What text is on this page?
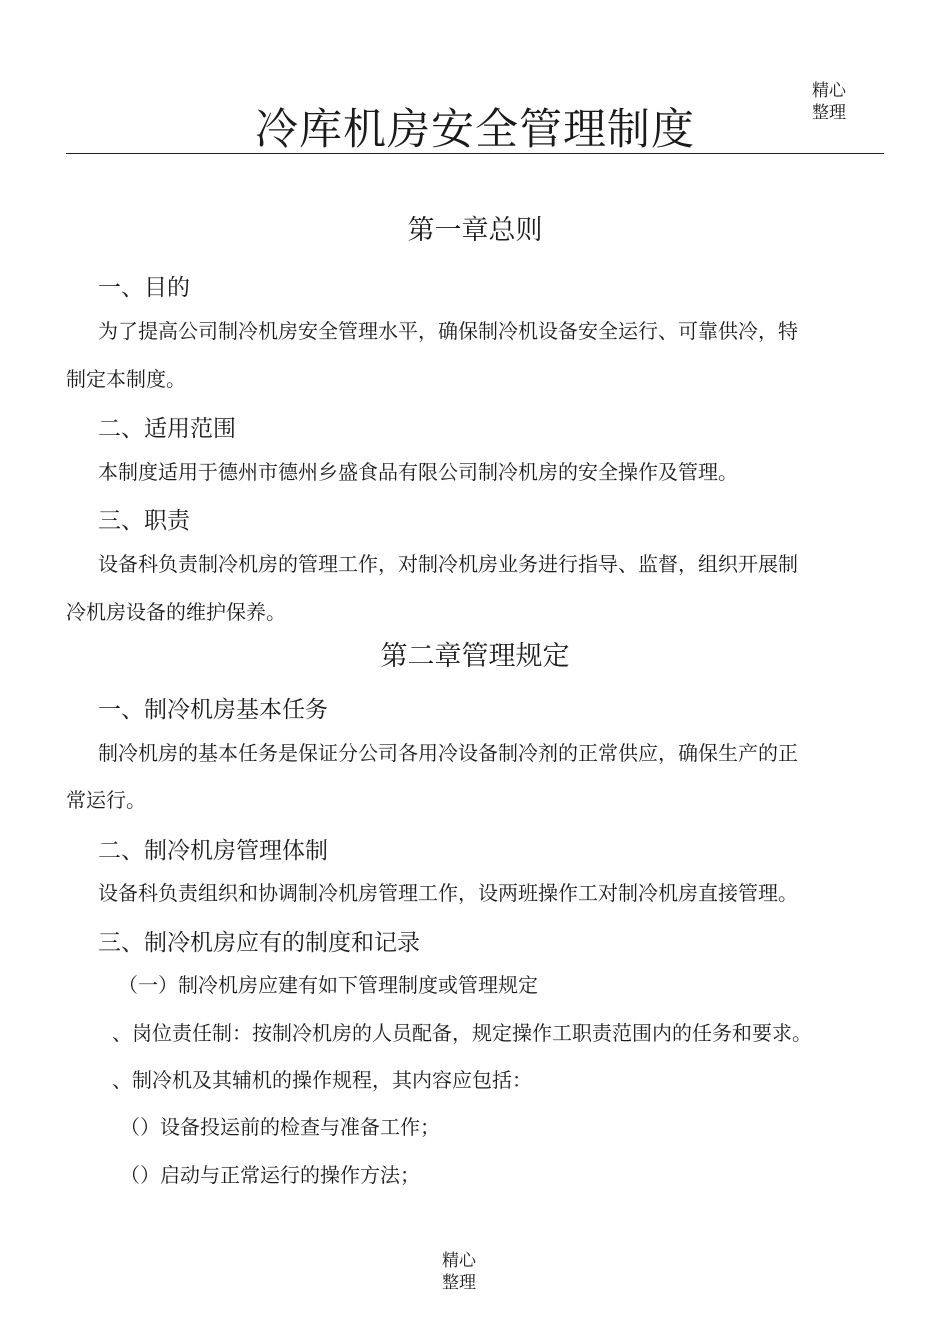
精心整理
冷库机房安全管理制度
第一章总则
一、目的
为了提高公司制冷机房安全管理水平，确保制冷机设备安全运行、可靠供冷，特
制定本制度。
二、适用范围
本制度适用于德州市德州乡盛食品有限公司制冷机房的安全操作及管理。
三、职责
设备科负责制冷机房的管理工作，对制冷机房业务进行指导、监督，组织开展制
冷机房设备的维护保养。
第二章管理规定
一、制冷机房基本任务
制冷机房的基本任务是保证分公司各用冷设备制冷剂的正常供应，确保生产的正
常运行。
二、制冷机房管理体制
设备科负责组织和协调制冷机房管理工作，设两班操作工对制冷机房直接管理。
三、制冷机房应有的制度和记录
（一）制冷机房应建有如下管理制度或管理规定
、岗位责任制：按制冷机房的人员配备，规定操作工职责范围内的任务和要求。
、制冷机及其辅机的操作规程，其内容应包括：
（）设备投运前的检查与准备工作；
（）启动与正常运行的操作方法；
精心整理
